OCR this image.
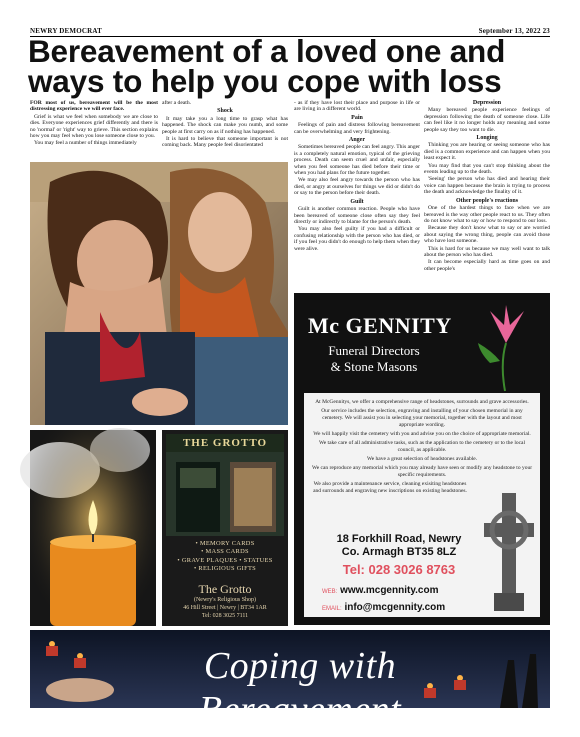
NEWRY DEMOCRAT	September 13, 2022 23
Bereavement of a loved one and ways to help you cope with loss

FOR most of us, bereavement will be the most distressing experience we will ever face.

Grief is what we feel when somebody we are close to dies. Everyone experiences grief differently and there is no 'normal' or 'right' way to grieve. This section explains how you may feel when you lose someone close to you.

You may feel a number of things immediately

after a death.

Shock

It may take you a long time to grasp what has happened. The shock can make you numb, and some people at first carry on as if nothing has happened.

It is hard to believe that someone important is not coming back. Many people feel disorientated

- as if they have lost their place and purpose in life or are living in a different world.

Pain

Feelings of pain and distress following bereavement can be overwhelming and very frightening.

Anger

Sometimes bereaved people can feel angry. This anger is a completely natural emotion, typical of the grieving process. Death can seem cruel and unfair, especially when you feel someone has died before their time or when you had plans for the future together.

We may also feel angry towards the person who has died, or angry at ourselves for things we did or didn't do or say to the person before their death.

Guilt

Guilt is another common reaction. People who have been bereaved of someone close often say they feel directly or indirectly to blame for the person's death.

You may also feel guilty if you had a difficult or confusing relationship with the person who has died, or if you feel you didn't do enough to help them when they were alive.

Depression

Many bereaved people experience feelings of depression following the death of someone close. Life can feel like it no longer holds any meaning and some people say they too want to die.

Longing

Thinking you are hearing or seeing someone who has died is a common experience and can happen when you least expect it.

You may find that you can't stop thinking about the events leading up to the death.

'Seeing' the person who has died and hearing their voice can happen because the brain is trying to process the death and acknowledge the finality of it.

Other people's reactions

One of the hardest things to face when we are bereaved is the way other people react to us. They often do not know what to say or how to respond to our loss.

Because they don't know what to say or are worried about saying the wrong thing, people can avoid those who have lost someone.

This is hard for us because we may well want to talk about the person who has died.

It can become especially hard as time goes on and other people's

THE GROTTO
• MEMORY CARDS
• MASS CARDS
• GRAVE PLAQUES • STATUES
• RELIGIOUS GIFTS
The Grotto
(Newry's Religious Shop)
46 Hill Street | Newry | BT34 1AR
Tel: 028 3025 7111
Mc GENNITY
Funeral Directors
& Stone Masons

At McGennitys, we offer a comprehensive range of headstones, surrounds and grave accessories.

Our service includes the selection, engraving and installing of your chosen memorial in any cemetery. We will assist you in selecting your memorial, together with the layout and most appropriate wording.

We will happily visit the cemetery with you and advise you on the choice of appropriate memorial.

We take care of all administrative tasks, such as the application to the cemetery or to the local council, as applicable.

We have a great selection of headstones available.

We can reproduce any memorial which you may already have seen or modify any headstone to your specific requirements.

We also provide a maintenance service, cleaning exisiting headstones and surrounds and engraving new inscriptions on existing headstones.

18 Forkhill Road, Newry
Co. Armagh BT35 8LZ
Tel: 028 3026 8763
WEB: www.mcgennity.com
EMAIL: info@mcgennity.com
Coping with Bereavement
